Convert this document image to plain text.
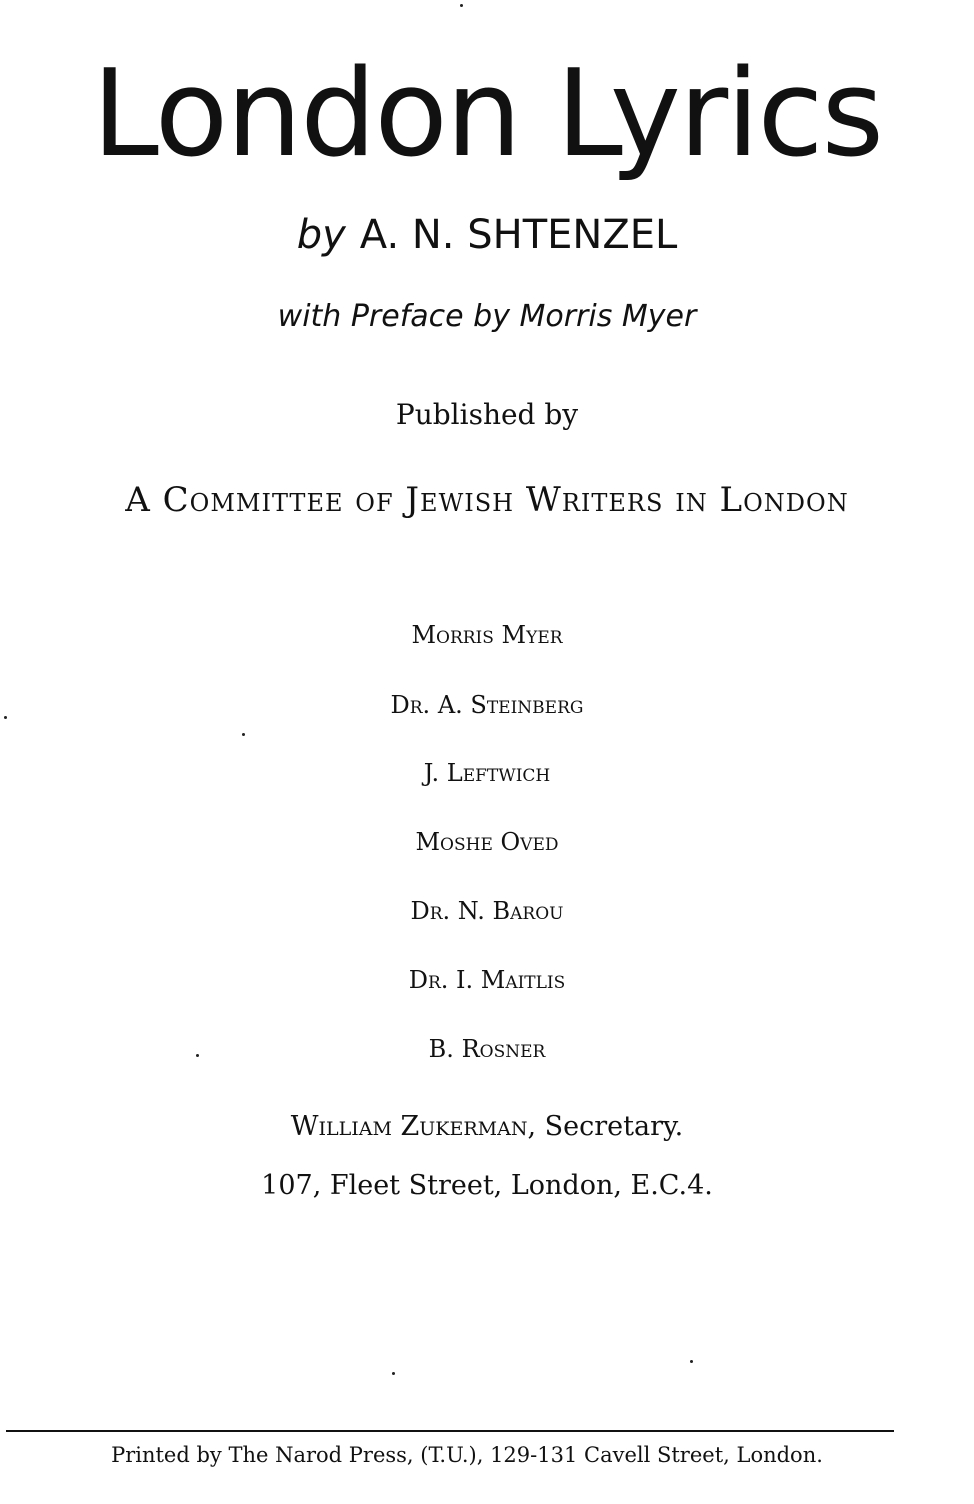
London Lyrics
by A. N. SHTENZEL
with Preface by Morris Myer
Published by
A Committee of Jewish Writers in London
Morris Myer
Dr. A. Steinberg
J. Leftwich
Moshe Oved
Dr. N. Barou
Dr. I. Maitlis
B. Rosner
William Zukerman, Secretary.
107, Fleet Street, London, E.C.4.
Printed by The Narod Press, (T.U.), 129-131 Cavell Street, London.
